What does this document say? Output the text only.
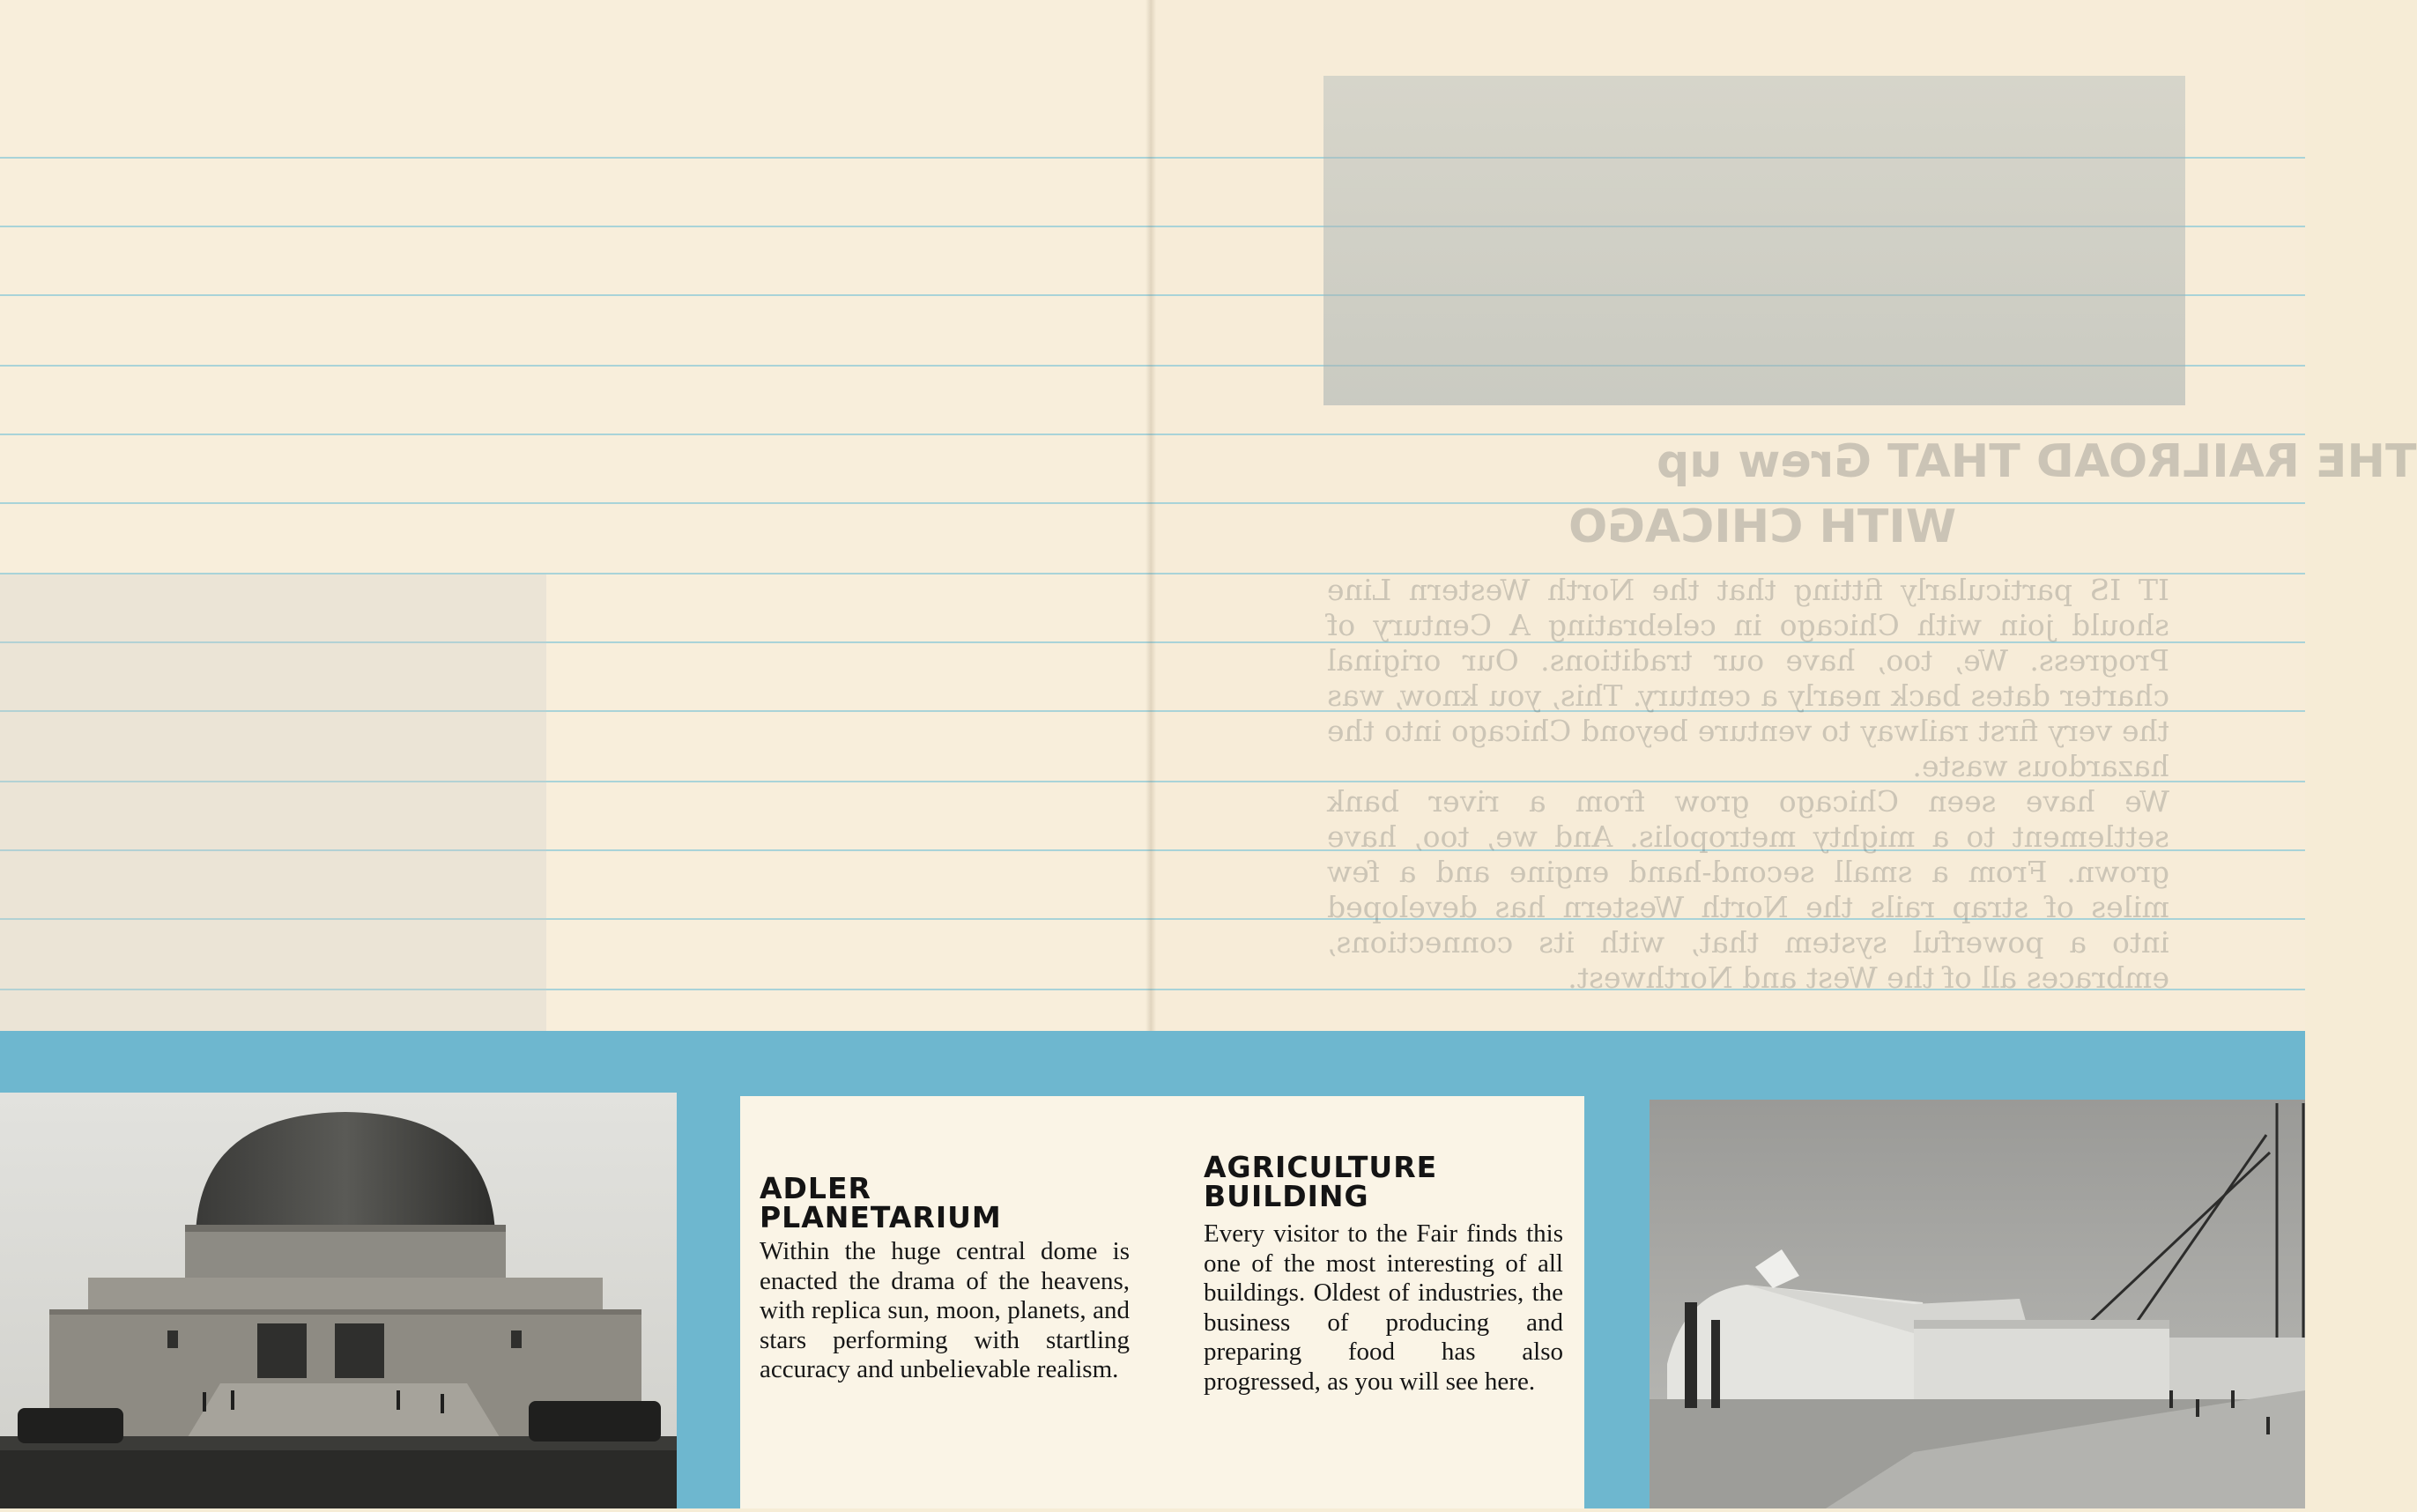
THE RAILROAD THAT Grew up
WITH CHICAGO

IT IS particularly fitting that the North Western Line should join with Chicago in celebrating A Century of Progress. We, too, have our traditions. Our original charter dates back nearly a century. This, you know, was the very first railway to venture beyond Chicago into the hazardous waste.

We have seen Chicago grow from a river bank settlement to a mighty metropolis. And we, too, have grown. From a small second-hand engine and a few miles of strap rails the North Western has developed into a powerful system that, with its connections, embraces all of the West and Northwest.

ADLER
PLANETARIUM
Within the huge central dome is enacted the drama of the heavens, with replica sun, moon, planets, and stars performing with startling accuracy and unbelievable realism.
AGRICULTURE
BUILDING
Every visitor to the Fair finds this one of the most interesting of all buildings. Oldest of industries, the business of producing and preparing food has also progressed, as you will see here.
